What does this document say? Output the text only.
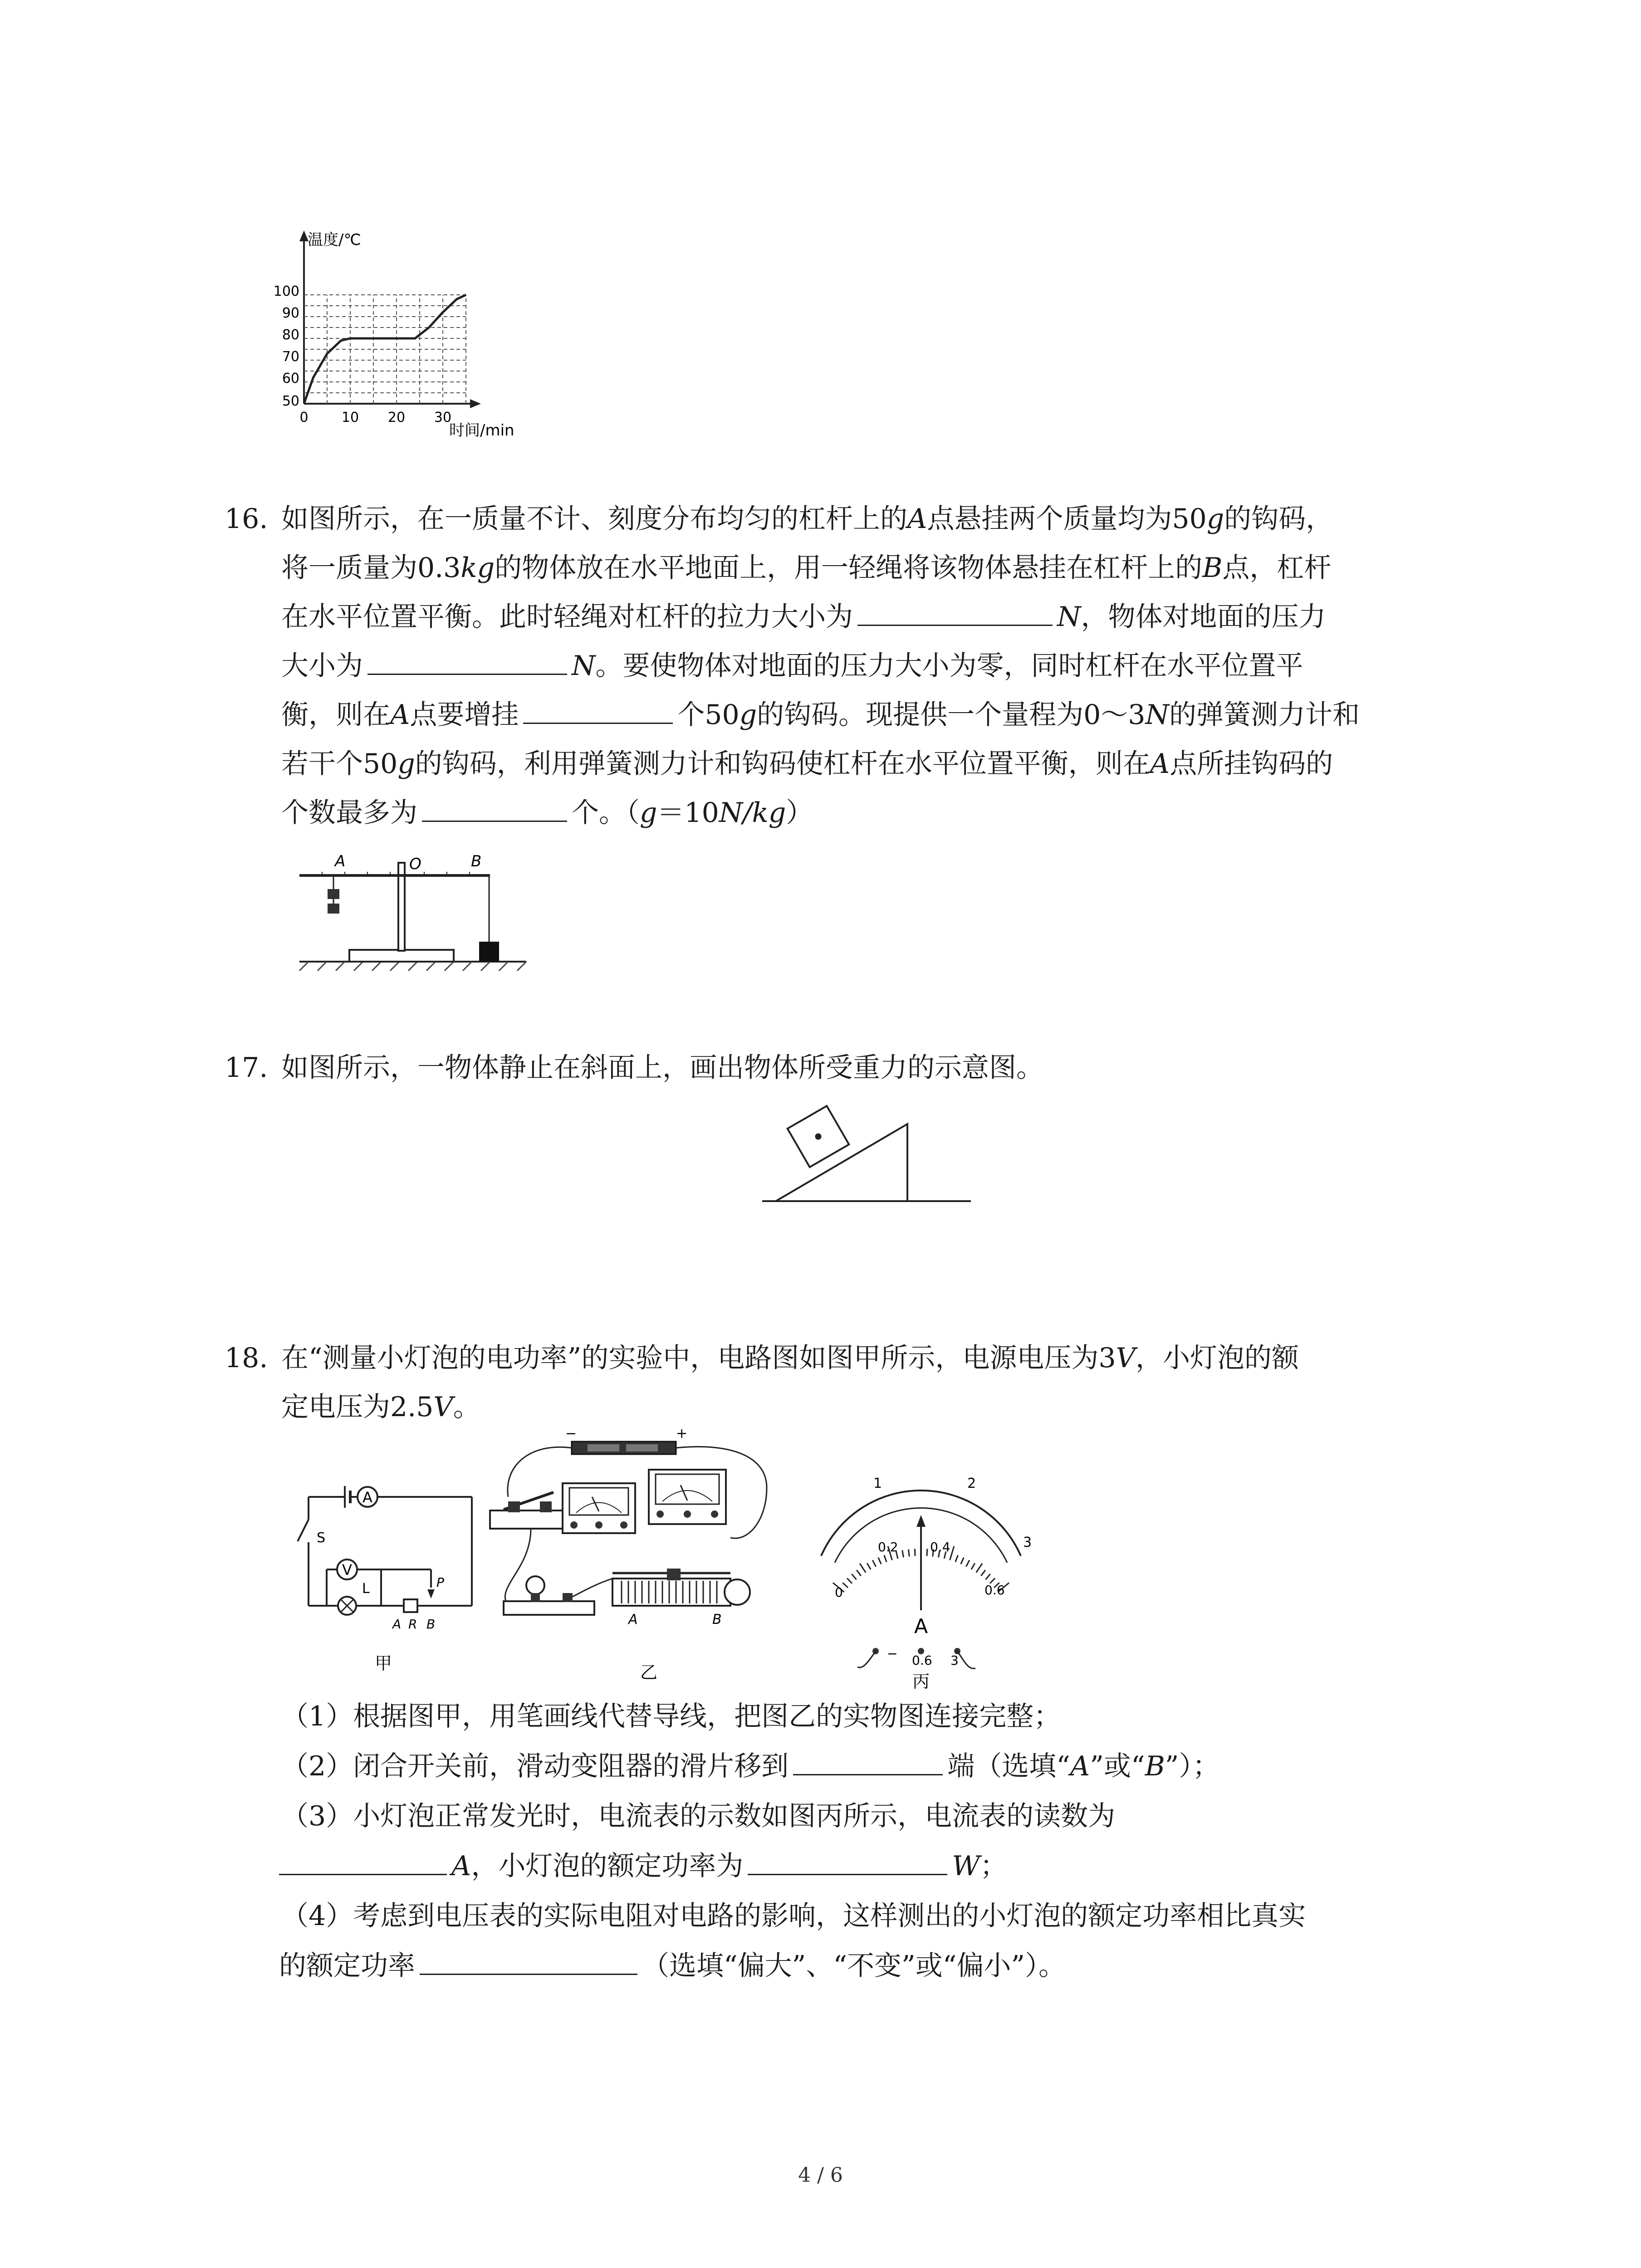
温度/℃
时间/min
100
90
80
70
60
50
0 10 20 30
16. 如图所示，在一质量不计、刻度分布均匀的杠杆上的A点悬挂两个质量均为50g的钩码，
将一质量为0.3kg的物体放在水平地面上，用一轻绳将该物体悬挂在杠杆上的B点，杠杆
在水平位置平衡。此时轻绳对杠杆的拉力大小为	N，物体对地面的压力
大小为	N。要使物体对地面的压力大小为零，同时杠杆在水平位置平
衡，则在A点要增挂	个50g的钩码。现提供一个量程为0～3N的弹簧测力计和
若干个50g的钩码，利用弹簧测力计和钩码使杠杆在水平位置平衡，则在A点所挂钩码的
个数最多为	个。（g＝10N/kg）
A	O	B
17. 如图所示，一物体静止在斜面上，画出物体所受重力的示意图。
18. 在“测量小灯泡的电功率”的实验中，电路图如图甲所示，电源电压为3V，小灯泡的额
定电压为2.5V。
A
V
S
L	P
A R B
甲
−	+
A	B
乙
1	2
3
0
0.2	0.4
0.6
A
− 0.6 3
丙
（1）根据图甲，用笔画线代替导线，把图乙的实物图连接完整；
（2）闭合开关前，滑动变阻器的滑片移到	端（选填“A”或“B”）；
（3）小灯泡正常发光时，电流表的示数如图丙所示，电流表的读数为
A，小灯泡的额定功率为	W；
（4）考虑到电压表的实际电阻对电路的影响，这样测出的小灯泡的额定功率相比真实
的额定功率	（选填“偏大”、“不变”或“偏小”）。
4 / 6
